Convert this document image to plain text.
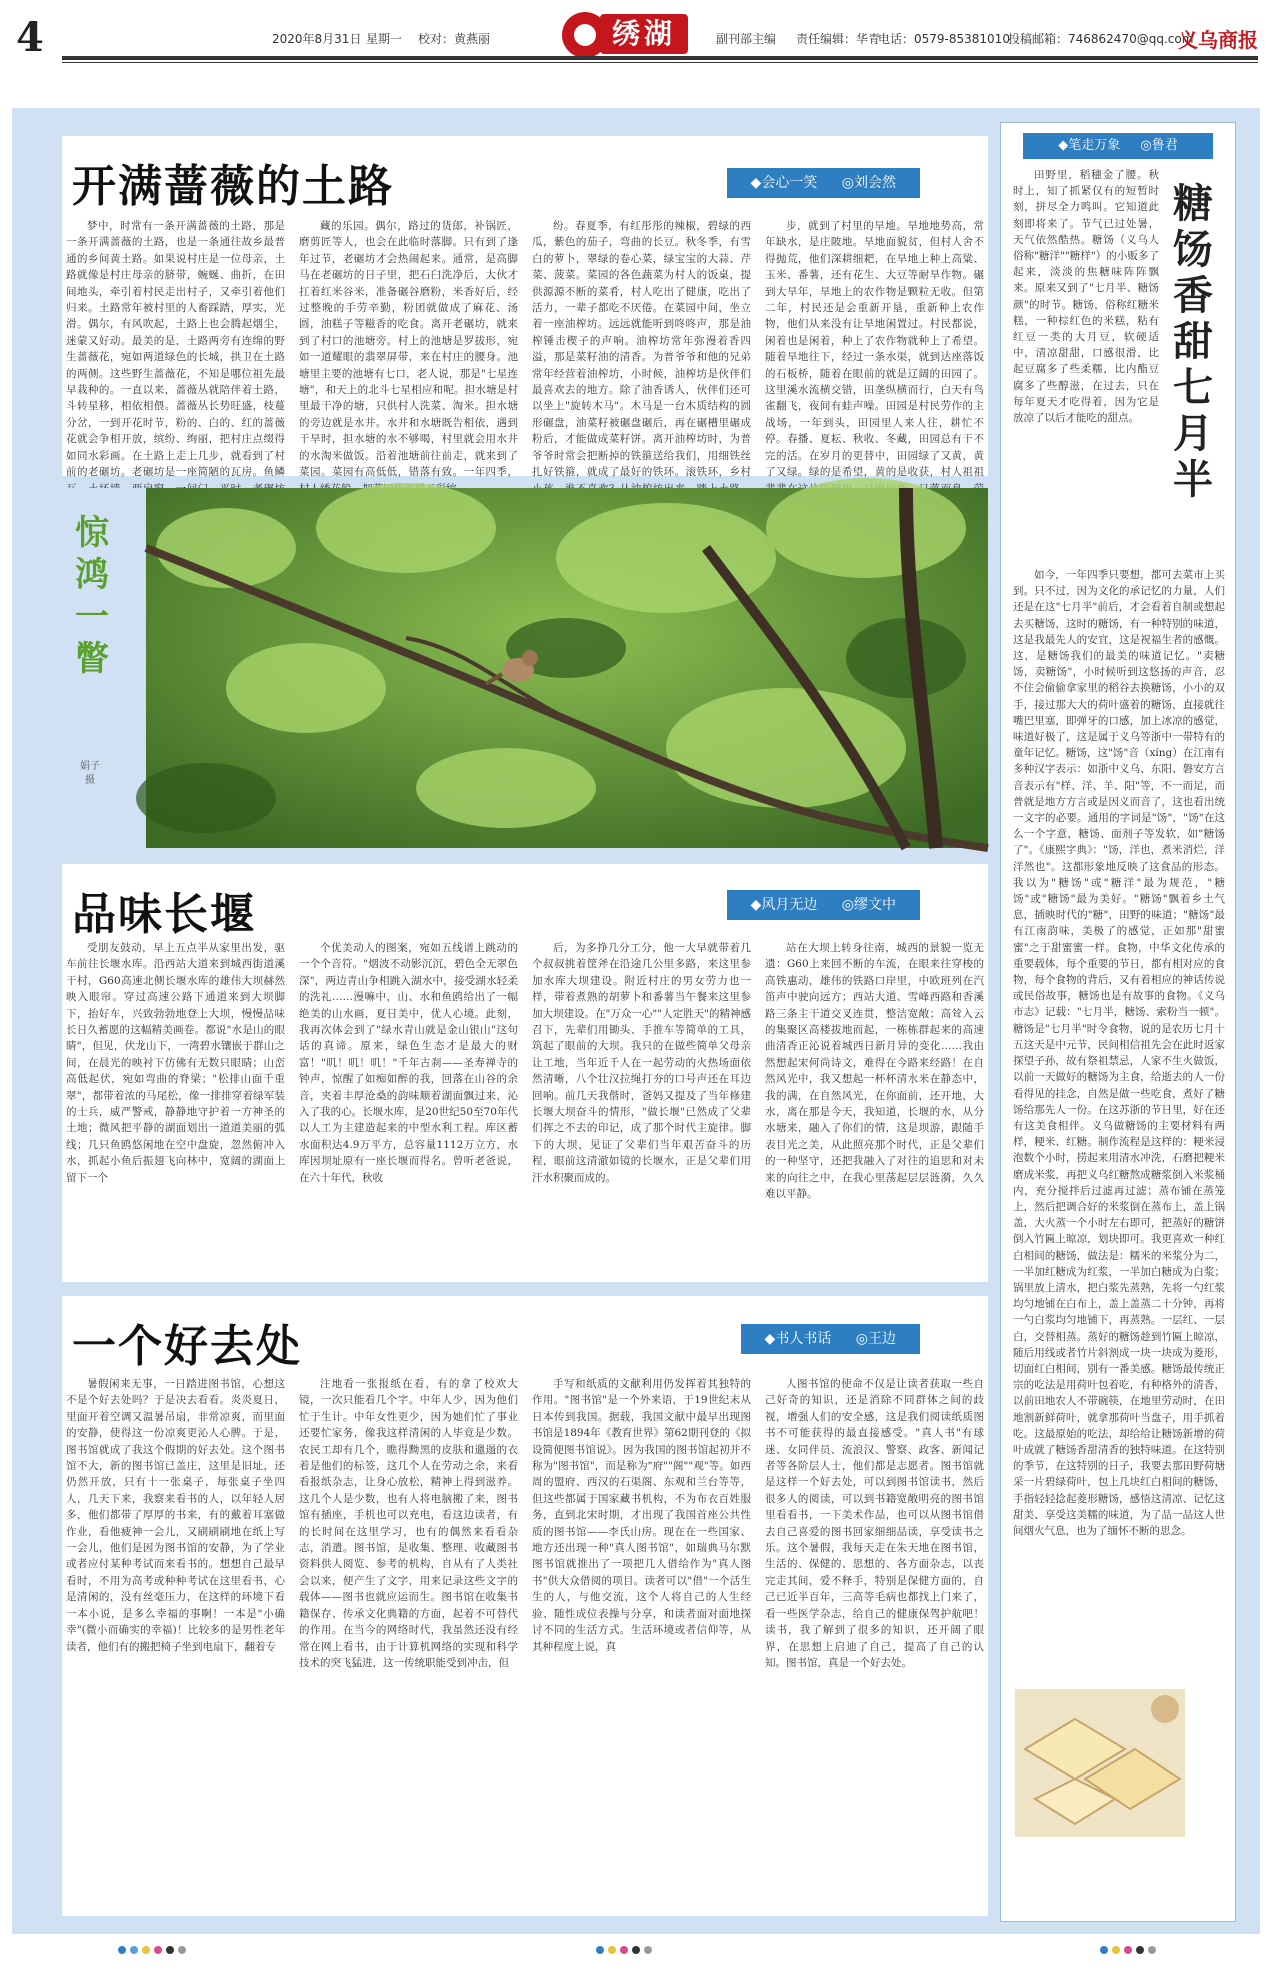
4	2020年8月31日 星期一 校对：黄燕丽	绣湖	副刊部主编 责任编辑：华青
电话：0579-85381010
投稿邮箱：746862470@qq.com
义乌商报
开满蔷薇的土路	◆会心一笑 ◎刘会然
梦中，时常有一条开满蔷薇的土路，那是一条开满蔷薇的土路，也是一条通往故乡最普通的乡间黄土路。如果说村庄是一位母亲，土路就像是村庄母亲的脐带，蜿蜒、曲折，在田间地头，牵引着村民走出村子，又牵引着他们归来。土路常年被村里的人畜踩踏，厚实，光滑。偶尔，有风吹起，土路上也会腾起烟尘，迷蒙又好动。最美的是，土路两旁有连绵的野生蔷薇花，宛如两道绿色的长城，拱卫在土路的两侧。这些野生蔷薇花，不知是哪位祖先最早栽种的。一直以来，蔷薇丛就陪伴着土路，斗转星移，相依相偎。蔷薇丛长势旺盛，枝蔓分岔，一到开花时节，粉的、白的、红的蔷薇花就会争相开放，缤纷、绚丽，把村庄点缀得如同水彩画。在土路上走上几步，就看到了村前的老碾坊。老碾坊是一座简陋的瓦房。鱼鳞
藏的乐园。偶尔，路过的货郎，补锅匠，磨剪匠等人，也会在此临时落脚。只有到了逢年过节，老碾坊才会热闹起来。通常，是高脚马在老碾坊的日子里，把石臼洗净后，大伙才扛着红米谷米，准备碾谷磨粉，米香好后，经过整晚的手劳辛勤，粉团就做成了麻花、汤圆，油糕子等糍香的吃食。离开老碾坊，就来到了村口的池塘旁。村上的池塘是罗拔形，宛如一道耀眼的翡翠屏带，来在村庄的腰身。池塘里主要的池塘有七口，老人说，那是"七星连塘"，和天上的北斗七星相应和呢。担水塘是村里最干净的塘，只供村人洗菜、淘米。担水塘的旁边就是水井。水井和水塘既告相依，遇到干旱时，担水塘的水不够喝，村里就会用水井的水淘米做饭。沿着池塘前往前走，就来到了菜园。菜园有高低低，错落有致。一年四季，
纷。春夏季，有红彤彤的辣椒，碧绿的西瓜，紫色的茄子，弯曲的长豆。秋冬季，有雪白的萝卜，翠绿的卷心菜，绿宝宝的大蒜、芹菜、菠菜。菜园的各色蔬菜为村人的饭桌，提供源源不断的菜肴，村人吃出了健康，吃出了活力，一辈子都吃不厌倦。在菜园中间，坐立着一座油榨坊。远远就能听到咚咚声，那是油榨锤击楔子的声响。油榨坊常年弥漫着香四溢，那是菜籽油的清香。为普爷爷和他的兄弟常年经营着油榨坊，小时候，油榨坊是伙伴们最喜欢去的地方。除了油香诱人，伙伴们还可以坐上"旋转木马"。木马是一台木质结构的圆形碾盘，油菜籽被碾盘碾后，再在碾槽里碾成粉后，才能做成菜籽饼。离开油榨坊时，为普爷爷时常会把断掉的铁箍送给我们，用细铁丝扎好铁箍，就成了最好的铁环。滚铁环，乡村
步，就到了村里的旱地。旱地地势高，常年缺水，是庄陂地。旱地面貌贫，但村人舍不得抛荒，他们深耕细耙，在旱地上种上高粱、玉米、番薯，还有花生、大豆等耐旱作物。碾到大旱年，旱地上的农作物是颗粒无收。但第二年，村民还是会重新开垦，重新种上农作物，他们从来没有让旱地闲置过。村民都说，闲着也是闲着，种上了农作物就种上了希望。随着旱地往下，经过一条水渠，就到达座落饭的石板桥，随着在眼前的就是辽阔的田园了。这里溪水流横交错，田垄纵横而行，白天有鸟雀翻飞，夜间有蛙声噪。田园是村民劳作的主战场，一年到头，田园里人来人往，耕忙不停。春播、夏耘、秋收、冬藏，田园总有干不完的活。在岁月的更替中，田园绿了又黄，黄了又绿。绿的是希望，黄的是收获，村人祖祖
惊鸿一瞥
娟子摄
品味长堰	◆风月无边 ◎缪文中
受朋友鼓动，早上五点半从家里出发，驱车前往长堰水库。沿西站大道来到城西街道溪干村，G60高速北侧长堰水库的雄伟大坝赫然映入眼帘。穿过高速公路下通道来到大坝脚下，抬好车，兴致勃勃地登上大坝，慢慢品味长日久蓄愿的这幅精美画卷。都说"水是山的眼睛"，但见，伏龙山下，一湾碧水镶嵌于群山之间，在晨光的映衬下仿佛有无数只眼睛；山峦高低起伏，宛如弯曲的脊梁；"松排山面千重翠"，都带着浓的马尾松，像一排排穿着绿军装的士兵，威严警戒，静静地守护着一方神圣的土地；微风把平静的湖面划出一道道美丽的弧线；几只鱼鸥悠闲地在空中盘旋，忽然俯冲入水，抓起小鱼后振翅飞向林中，宽阔的湖面上留下一个
个优美动人的图案，宛如五线谱上跳动的一个个音符。"烟波不动影沉沉，碧色全无翠色深"，两边青山争相跳入湖水中，接受湖水轻柔的洗礼……漫嘛中，山、水和鱼鸥给出了一幅绝美的山水画，夏日美中，优人心境。此刻，我再次体会到了"绿水青山就是金山银山"这句话的真谛。原来，绿色生态才是最大的财富！"叽！叽！叽！"千年古刹——圣寿禅寺的钟声，惊醒了如痴如醉的我，回落在山谷的余音，夹着丰厚沧桑的韵味顺着湖面飘过来，沁入了我的心。长堰水库，是20世纪50至70年代以人工为主建造起来的中型水利工程。库区蓄水面积达4.9万平方，总容量1112万立方，水库因坝址原有一座长堰而得名。曾听老爸说，在六十年代，秋收
后，为多挣几分工分，他一大早就带着几个叔叔挑着筐斧在沿途几公里多路，来这里参加水库大坝建设。附近村庄的男女劳力也一样，带着煮熟的胡萝卜和番薯当午餐来这里参加大坝建设。在"万众一心""人定胜天"的精神感召下，先辈们用锄头、手推车等简单的工具，筑起了眼前的大坝。我只的在做些简单父母亲让工地，当年近千人在一起劳动的火热场面依然清晰，八个壮汉拉绳打夯的口号声还在耳边回响。前几天我偕时，爸妈又提及了当年修建长堰大坝奋斗的情形，"做长堰"已然成了父辈们挥之不去的印记，成了那个时代主旋律。脚下的大坝，见证了父辈们当年艰苦奋斗的历程，眼前这清澈如镜的长堰水，正是父辈们用汗水积聚而成的。
站在大坝上转身往南，城西的景貌一览无遗：G60上来回不断的车流，在眼来往穿梭的高铁惠动，雄伟的铁路口岸里，中欧班列在汽笛声中驶向远方；西站大道、雪峰西路和香溪路三条主干道交叉连贯，整洁宽敞；高耸入云的集聚区高楼拔地而起，一栋栋群起来的高速曲清香正沁说着城西日新月异的变化……我由然想起宋何尚诗文，难得在今路来经路！在自然风光中，我又想起一杯杯清水米在静态中，我的满，在自然风光，在你面前，还开地，大水，离在那是今天，我知道，长堰的水，从分水塘来，融入了你们的情，这是坝游，跟随手表目光之美，从此照亮那个时代，正是父辈们的一种坚守，还把我融入了对往的追思和对未来的向往之中，在我心里荡起层层涟漪，久久难以平静。
一个好去处	◆书人书话 ◎王边
暑假闲来无事，一日踏进图书馆，心想这不是个好去处吗？于是决去看看。炎炎夏日，里面开着空调又温暑吊扇，非常凉爽，而里面的安静，使得这一份凉爽更沁人心脾。于是，图书馆就成了我这个假期的好去处。这个图书馆不大，新的图书馆已盖庄，这里是旧址，还仍然开放，只有十一张桌子，每张桌子坐四人，几天下来，我察来看书的人，以年轻人居多，他们都带了厚厚的书来，有的戴着耳塞做作业，看他疲神一会儿，又刷刷刷地在纸上写一会儿，他们是因为图书馆的安静，为了学业或者应付某种考试而来看书的。想想自己最早看时，不用为高考或种种考试在这里看书，心是清闲的，没有丝毫压力，在这样的环境下看一本小说，是多么幸福的事啊！一本是"小确幸"(微小而确实的幸福)！比较多的是男性老年读者，他们有的搬把椅子坐到电扇下，翻着专
注地看一张报纸在看，有的拿了校欢大镜，一次只能看几个字。中年人少，因为他们忙于生计。中年女性更少，因为她们忙了事业还要忙家务，像我这样清闲的人毕竟是少数。农民工却有几个，瞧得黝黑的皮肤和邋遢的衣着是他们的标签，这几个人在劳动之余，来看看报纸杂志，让身心放松，精神上得到滋养。这几个人是少数，也有人将电脑搬了来，图书馆有插座，手机也可以充电，看这边读者，有的长时间在这里学习，也有的偶然来看看杂志，消遣。图书馆，是收集、整理、收藏图书资料供人阅览、参考的机构，自从有了人类社会以来，便产生了文字，用来记录这些文字的载体——图书也就应运而生。图书馆在收集书籍保存、传承文化典籍的方面，起着不可替代的作用。在当今的网络时代，我虽然还没有经常在网上看书，由于计算机网络的实现和科学技术的突飞猛进，这一传统职能受到冲击，但
手写和纸质的文献利用仍发挥着其独特的作用。"图书馆"是一个外来语，于19世纪末从日本传到我国。据载，我国文献中最早出现图书馆是1894年《教育世界》第62期刊登的《拟设简便图书馆说》。因为我国的图书馆起初并不称为"图书馆"，而是称为"府""阁""观"等。如西周的盟府、西汉的石渠阁、东观和兰台等等，但这些都属于国家藏书机构，不为布衣百姓服务，直到北宋时期，才出现了我国首座公共性质的图书馆——李氏山房。现在在一些国家、地方还出现一种"真人图书馆"，如瑞典马尔默图书馆就推出了一项把几人借给作为"真人图书"供大众借阅的项目。读者可以"借"一个活生生的人，与他交流，这个人将自己的人生经验、随性成位表操与分享，和读者面对面地探讨不同的生活方式。生活环境或者信仰等，从其种程度上说，真
人图书馆的使命不仅是让读者获取一些自己好奇的知识，还是消除不同群体之间的歧视，增强人们的安全感，这是我们阅读纸质图书不可能获得的最直接感受。"真人书"有球迷、女同伴员、流浪汉、警察、政客、新闻记者等各阶层人士，他们都是志愿者。图书馆就是这样一个好去处，可以到图书馆读书，然后很多人的阅读，可以到书籍宽敞明亮的图书馆里看看书，一下美术作品，也可以从图书馆借去自己喜爱的图书回家细细品读，享受读书之乐。这个暑假，我每天走在朱天地在图书馆，生活的、保健的、思想的、各方面杂志，以丧完走其间，爱不释手，特别是保健方面的，自己已近半百年，三高等毛病也都找上门来了，看一些医学杂志，给自己的健康保驾护航吧！读书，我了解到了很多的知识，还开阔了眼界，在思想上启迪了自己，提高了自己的认知。图书馆，真是一个好去处。
◆笔走万象 ◎鲁君
糖饧香甜七月半
田野里，稻穗金了腰。秋时上，知了抓紧仅有的短暂时刻，拼尽全力鸣叫。它知道此刻即将来了。节气已过处暑，天气依然酷热。糖饧（义乌人俗称"糖洋""糖样"）的小贩多了起来，淡淡的焦糖味阵阵飘来。原来又到了"七月半、糖饧颜"的时节。糖饧，俗称红糖米糕，一种棕红色的米糕，粘有红豆一类的大月豆，软硬适中，清凉甜甜，口感很滑，比起豆腐多了些柔糯，比内酯豆腐多了些醇滋，在过去，只在每年夏天才吃得着，因为它是放凉了以后才能吃的甜点。
如今，一年四季只要想，都可去菜市上买到。只不过，因为文化的承记忆的力量，人们还是在这"七月半"前后，才会看着自制或想起去买糖饧，这时的糖饧，有一种特别的味道，这是我最先人的安宜，这是祝福生者的感慨。这，是糖饧我们的最美的味道记忆。"卖糖饧，卖糖饧"，小时候听到这悠扬的声音，忍不住会偷偷拿家里的稻谷去换糖饧，小小的双手，接过那大大的荷叶盛着的糖饧，直接就往嘴巴里塞，即弹牙的口感，加上冰凉的感觉，味道好极了，这是属于义乌等浙中一带特有的童年记忆。糖饧，这"饧"音（xíng）在江南有多种汉字表示：如浙中义乌、东阳、磐安方言音表示有"样、洋、羊、阳"等，不一而足，而普就是地方方言或是因义而音了，这也看出统一文字的必要。通用的字词是"饧"，"饧"在这么一个字意，糖饧、面剂子等发软，如"糖饧了"。《康熙字典》："饧，洋也，煮米消烂，洋洋然也"。这都形象地反映了这食品的形态。我以为"糖饧"或"糖洋"最为规范，"糖饧"或"糖饧"最为美好。"糖饧"飘着乡土气息，插映时代的"糖"，田野的味道；"糖饧"最有江南韵味，美极了的感觉，正如那"甜蜜蜜"之于甜蜜蜜一样。食物，中华文化传承的重要载体，每个重要的节日，都有相对应的食物，每个食物的背后，又有着相应的神话传说或民俗故事，糖饧也是有故事的食物。《义乌市志》记载："七月半，糖饧、索粉当一顿"。糖饧是"七月半"时令食物，说的是农历七月十五这天是中元节，民间相信祖先会在此时返家探望子孙，故有祭祖禁忌，人家不生火做饭，以前一天做好的糖饧为主食，给逝去的人一份看得见的挂念，自然是做一些吃食，煮好了糖饧给那先人一份。在这苏浙的节日里，好在还有这美食相伴。义乌做糖饧的主要材料有两样，粳米、红糖。制作流程是这样的：粳米浸泡数个小时，捞起来用清水冲洗，石磨把粳米磨成米浆，再把义乌红糖熬成糖浆倒入米浆桶内，充分搅拌后过滤再过滤；蒸布铺在蒸笼上，然后把调合好的米浆倒在蒸布上，盖上锅盖，大火蒸一个小时左右即可，把蒸好的糖饼倒入竹匾上晾凉，划块即可。我更喜欢一种红白相间的糖饧，做法是：糯米的米浆分为二，一半加红糖成为红浆，一半加白糖成为白浆；锅里放上清水，把白浆先蒸熟，先将一勺红浆均匀地铺在白布上，盖上盖蒸二十分钟，再将一勺白浆均匀地铺下，再蒸熟。一层红、一层白，交替相蒸。蒸好的糖饧趁到竹匾上晾凉，随后用线或者竹片斜割成一块一块成为菱形，切面红白相间，别有一番美感。糖饧最传统正宗的吃法是用荷叶包着吃，有种格外的清香，以前田地农人不带碗筷，在地里劳动时，在田地割新鲜荷叶，就拿那荷叶当盘子，用手抓着吃。这最原始的吃法，却给给让糖饧新增的荷叶成就了糖饧香甜清香的独特味道。在这特别的季节，在这特别的日子，我要去那田野荷塘采一片碧绿荷叶，包上几块红白相间的糖饧，手指轻轻捻起菱形糖饧，感悟这清凉、记忆这甜美、享受这美糯的味道，为了品一品这人世间烟火气息，也为了缅怀不断的思念。
